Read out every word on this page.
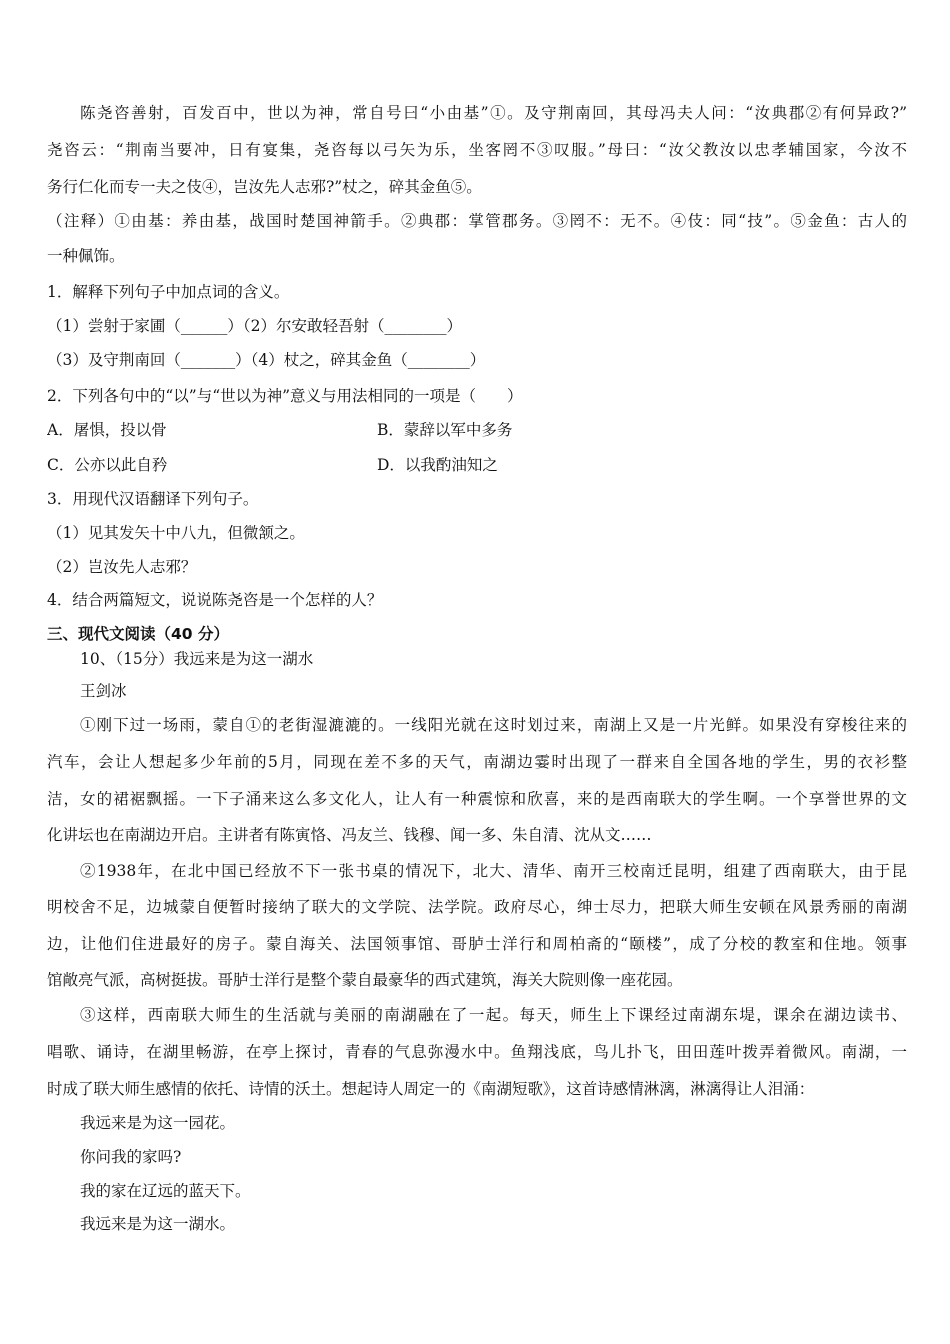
陈尧咨善射，百发百中，世以为神，常自号曰“小由基”①。及守荆南回，其母冯夫人问：“汝典郡②有何异政?”
尧咨云：“荆南当要冲，日有宴集，尧咨每以弓矢为乐，坐客罔不③叹服。”母曰：“汝父教汝以忠孝辅国家，今汝不
务行仁化而专一夫之伎④，岂汝先人志邪?”杖之，碎其金鱼⑤。
（注释）①由基：养由基，战国时楚国神箭手。②典郡：掌管郡务。③罔不：无不。④伎：同“技”。⑤金鱼：古人的
一种佩饰。
1．解释下列句子中加点词的含义。
（1）尝射于家圃（______）（2）尔安敢轻吾射（________）
（3）及守荆南回（_______）（4）杖之，碎其金鱼（________）
2．下列各句中的“以”与“世以为神”意义与用法相同的一项是（　　）
A．屠惧，投以骨	B．蒙辞以军中多务
C．公亦以此自矜	D．以我酌油知之
3．用现代汉语翻译下列句子。
（1）见其发矢十中八九，但微颔之。
（2）岂汝先人志邪？
4．结合两篇短文，说说陈尧咨是一个怎样的人？
三、现代文阅读（40 分）
10、（15分）我远来是为这一湖水
王剑冰
①刚下过一场雨，蒙自①的老街湿漉漉的。一线阳光就在这时划过来，南湖上又是一片光鲜。如果没有穿梭往来的
汽车，会让人想起多少年前的5月，同现在差不多的天气，南湖边霎时出现了一群来自全国各地的学生，男的衣衫整
洁，女的裙裾飘摇。一下子涌来这么多文化人，让人有一种震惊和欣喜，来的是西南联大的学生啊。一个享誉世界的文
化讲坛也在南湖边开启。主讲者有陈寅恪、冯友兰、钱穆、闻一多、朱自清、沈从文……
②1938年，在北中国已经放不下一张书桌的情况下，北大、清华、南开三校南迁昆明，组建了西南联大，由于昆
明校舍不足，边城蒙自便暂时接纳了联大的文学院、法学院。政府尽心，绅士尽力，把联大师生安顿在风景秀丽的南湖
边，让他们住进最好的房子。蒙自海关、法国领事馆、哥胪士洋行和周柏斋的“颐楼”，成了分校的教室和住地。领事
馆敞亮气派，高树挺拔。哥胪士洋行是整个蒙自最豪华的西式建筑，海关大院则像一座花园。
③这样，西南联大师生的生活就与美丽的南湖融在了一起。每天，师生上下课经过南湖东堤，课余在湖边读书、
唱歌、诵诗，在湖里畅游，在亭上探讨，青春的气息弥漫水中。鱼翔浅底，鸟儿扑飞，田田莲叶拨弄着微风。南湖，一
时成了联大师生感情的依托、诗情的沃土。想起诗人周定一的《南湖短歌》，这首诗感情淋漓，淋漓得让人泪涌：
我远来是为这一园花。
你问我的家吗?
我的家在辽远的蓝天下。
我远来是为这一湖水。
